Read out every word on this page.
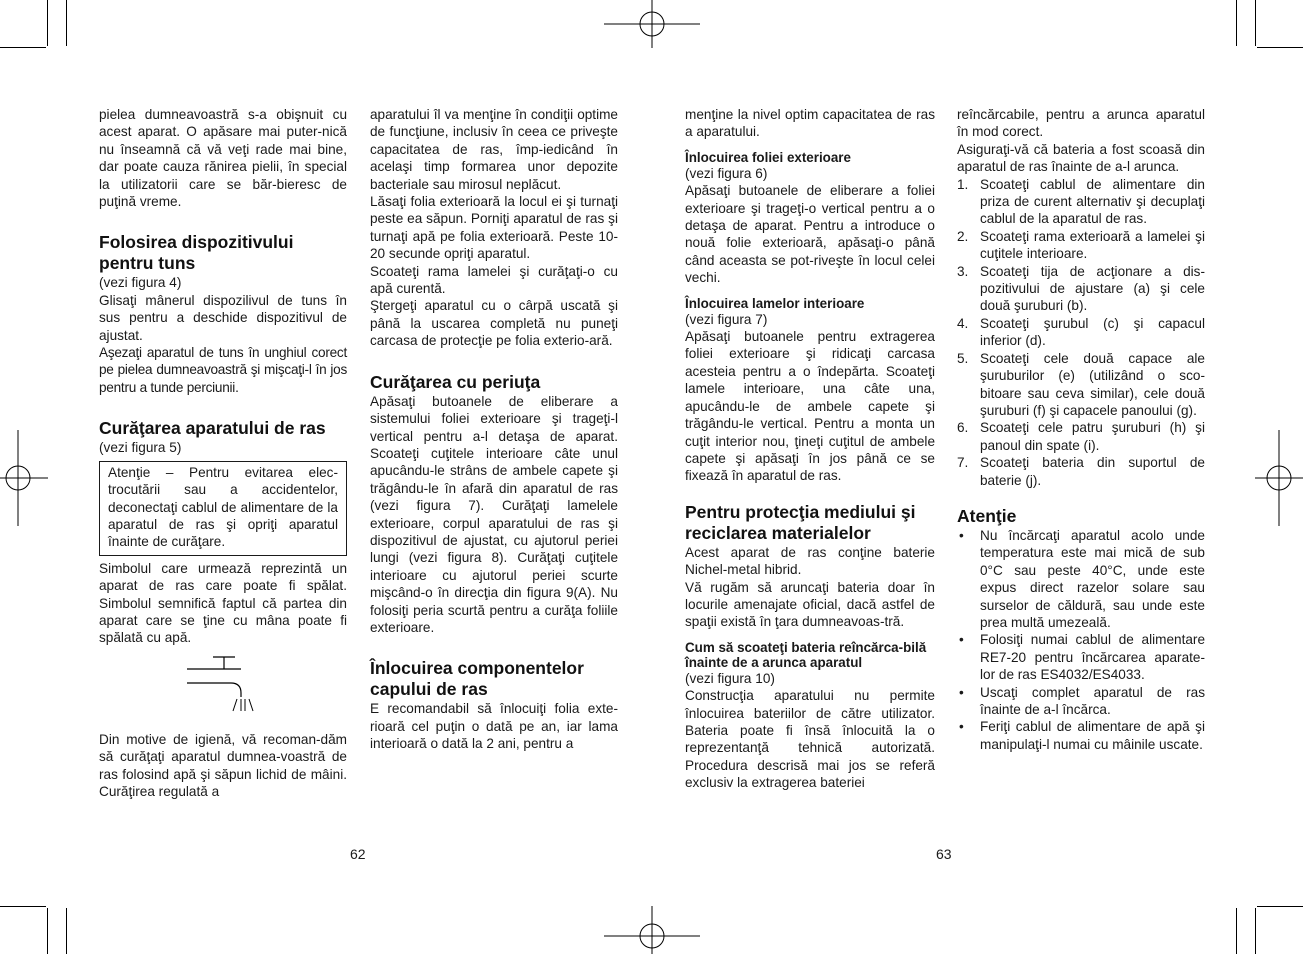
pielea dumneavoastră s-a obişnuit cu acest aparat. O apăsare mai puter-nică nu înseamnă că vă veţi rade mai bine, dar poate cauza rănirea pielii, în special la utilizatorii care se băr-bieresc de puţină vreme.

Folosirea dispozitivului pentru tuns
(vezi figura 4)

Glisaţi mânerul dispozilivul de tuns în sus pentru a deschide dispozitivul de ajustat.

Aşezaţi aparatul de tuns în unghiul corect pe pielea dumneavoastră şi mişcaţi-l în jos pentru a tunde perciunii.

Curăţarea aparatului de ras
(vezi figura 5)
Atenţie – Pentru evitarea elec-trocutării sau a accidentelor, deconectaţi cablul de alimentare de la aparatul de ras şi opriţi aparatul înainte de curăţare.

Simbolul care urmează reprezintă un aparat de ras care poate fi spălat. Simbolul semnifică faptul că partea din aparat care se ţine cu mâna poate fi spălată cu apă.

Din motive de igienă, vă recoman-dăm să curăţaţi aparatul dumnea-voastră de ras folosind apă şi săpun lichid de mâini. Curăţirea regulată a

aparatului îl va menţine în condiţii optime de funcţiune, inclusiv în ceea ce priveşte capacitatea de ras, împ-iedicând în acelaşi timp formarea unor depozite bacteriale sau mirosul neplăcut.

Lăsaţi folia exterioară la locul ei şi turnaţi peste ea săpun. Porniţi aparatul de ras şi turnaţi apă pe folia exterioară. Peste 10-20 secunde opriţi aparatul.

Scoateţi rama lamelei şi curăţaţi-o cu apă curentă.

Ştergeţi aparatul cu o cârpă uscată şi până la uscarea completă nu puneţi carcasa de protecţie pe folia exterio-ară.

Curăţarea cu periuţa

Apăsaţi butoanele de eliberare a sistemului foliei exterioare şi trageţi-l vertical pentru a-l detaşa de aparat. Scoateţi cuţitele interioare câte unul apucându-le strâns de ambele capete şi trăgându-le în afară din aparatul de ras (vezi figura 7). Curăţaţi lamelele exterioare, corpul aparatului de ras şi dispozitivul de ajustat, cu ajutorul periei lungi (vezi figura 8). Curăţaţi cuţitele interioare cu ajutorul periei scurte mişcând-o în direcţia din figura 9(A). Nu folosiţi peria scurtă pentru a curăţa foliile exterioare.

Înlocuirea componentelor capului de ras

E recomandabil să înlocuiţi folia exte-rioară cel puţin o dată pe an, iar lama interioară o dată la 2 ani, pentru a

62

menţine la nivel optim capacitatea de ras a aparatului.

Înlocuirea foliei exterioare
(vezi figura 6)

Apăsaţi butoanele de eliberare a foliei exterioare şi trageţi-o vertical pentru a o detaşa de aparat. Pentru a introduce o nouă folie exterioară, apăsaţi-o până când aceasta se pot-riveşte în locul celei vechi.

Înlocuirea lamelor interioare
(vezi figura 7)

Apăsaţi butoanele pentru extragerea foliei exterioare şi ridicaţi carcasa acesteia pentru a o îndepărta. Scoateţi lamele interioare, una câte una, apucându-le de ambele capete şi trăgându-le vertical. Pentru a monta un cuţit interior nou, ţineţi cuţitul de ambele capete şi apăsaţi în jos până ce se fixează în aparatul de ras.

Pentru protecţia mediului şi reciclarea materialelor

Acest aparat de ras conţine baterie Nichel-metal hibrid.

Vă rugăm să aruncaţi bateria doar în locurile amenajate oficial, dacă astfel de spaţii există în ţara dumneavoas-tră.

Cum să scoateţi bateria reîncărca-bilă înainte de a arunca aparatul
(vezi figura 10)

Construcţia aparatului nu permite înlocuirea bateriilor de către utilizator. Bateria poate fi însă înlocuită la o reprezentanţă tehnică autorizată. Procedura descrisă mai jos se referă exclusiv la extragerea bateriei

reîncărcabile, pentru a arunca aparatul în mod corect.

Asiguraţi-vă că bateria a fost scoasă din aparatul de ras înainte de a-l arunca.

1. Scoateţi cablul de alimentare din priza de curent alternativ şi decuplaţi cablul de la aparatul de ras.
2. Scoateţi rama exterioară a lamelei şi cuţitele interioare.
3. Scoateţi tija de acţionare a dis-pozitivului de ajustare (a) şi cele două şuruburi (b).
4. Scoateţi şurubul (c) şi capacul inferior (d).
5. Scoateţi cele două capace ale şuruburilor (e) (utilizând o sco-bitoare sau ceva similar), cele două şuruburi (f) şi capacele panoului (g).
6. Scoateţi cele patru şuruburi (h) şi panoul din spate (i).
7. Scoateţi bateria din suportul de baterie (j).
Atenţie
• Nu încărcaţi aparatul acolo unde temperatura este mai mică de sub 0°C sau peste 40°C, unde este expus direct razelor solare sau surselor de căldură, sau unde este prea multă umezeală.
• Folosiţi numai cablul de alimentare RE7-20 pentru încărcarea aparate-lor de ras ES4032/ES4033.
• Uscaţi complet aparatul de ras înainte de a-l încărca.
• Feriţi cablul de alimentare de apă şi manipulaţi-l numai cu mâinile uscate.
63
